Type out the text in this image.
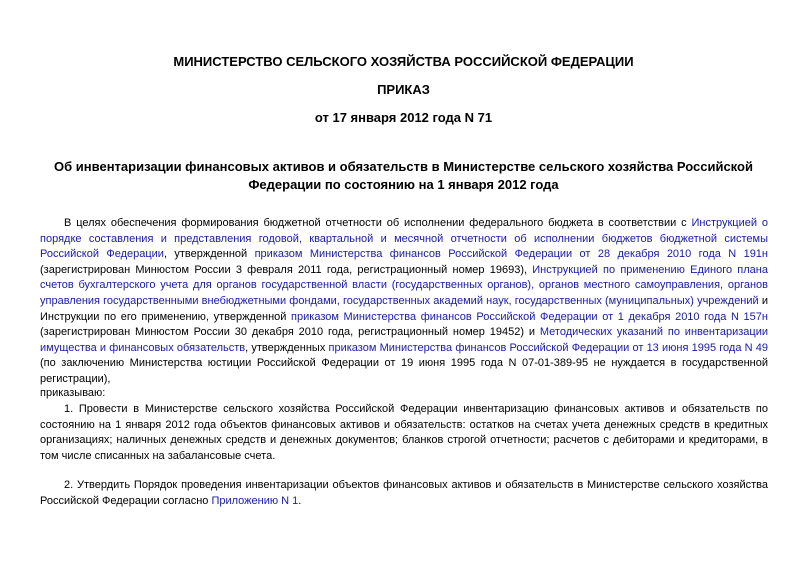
МИНИСТЕРСТВО СЕЛЬСКОГО ХОЗЯЙСТВА РОССИЙСКОЙ ФЕДЕРАЦИИ
ПРИКАЗ
от 17 января 2012 года N 71
Об инвентаризации финансовых активов и обязательств в Министерстве сельского хозяйства Российской Федерации по состоянию на 1 января 2012 года

В целях обеспечения формирования бюджетной отчетности об исполнении федерального бюджета в соответствии с Инструкцией о порядке составления и представления годовой, квартальной и месячной отчетности об исполнении бюджетов бюджетной системы Российской Федерации, утвержденной приказом Министерства финансов Российской Федерации от 28 декабря 2010 года N 191н (зарегистрирован Минюстом России 3 февраля 2011 года, регистрационный номер 19693), Инструкцией по применению Единого плана счетов бухгалтерского учета для органов государственной власти (государственных органов), органов местного самоуправления, органов управления государственными внебюджетными фондами, государственных академий наук, государственных (муниципальных) учреждений и Инструкции по его применению, утвержденной приказом Министерства финансов Российской Федерации от 1 декабря 2010 года N 157н (зарегистрирован Минюстом России 30 декабря 2010 года, регистрационный номер 19452) и Методических указаний по инвентаризации имущества и финансовых обязательств, утвержденных приказом Министерства финансов Российской Федерации от 13 июня 1995 года N 49 (по заключению Министерства юстиции Российской Федерации от 19 июня 1995 года N 07-01-389-95 не нуждается в государственной регистрации),

приказываю:

1. Провести в Министерстве сельского хозяйства Российской Федерации инвентаризацию финансовых активов и обязательств по состоянию на 1 января 2012 года объектов финансовых активов и обязательств: остатков на счетах учета денежных средств в кредитных организациях; наличных денежных средств и денежных документов; бланков строгой отчетности; расчетов с дебиторами и кредиторами, в том числе списанных на забалансовые счета.

2. Утвердить Порядок проведения инвентаризации объектов финансовых активов и обязательств в Министерстве сельского хозяйства Российской Федерации согласно Приложению N 1.
